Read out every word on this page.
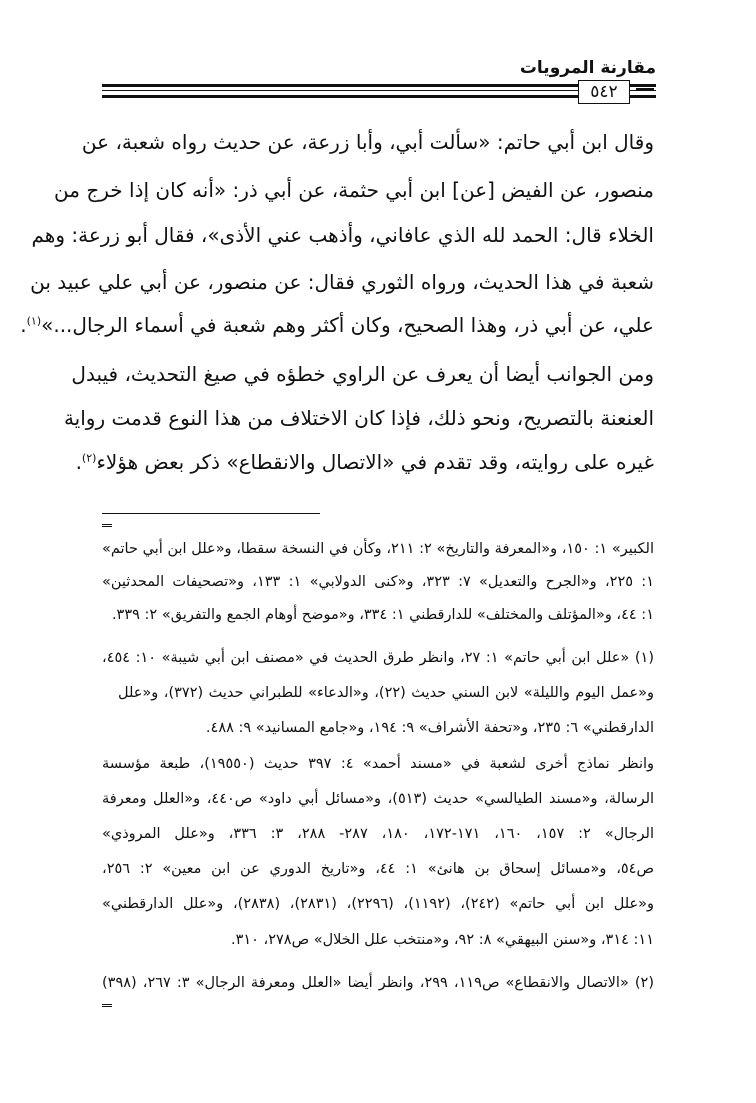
مقارنة المرويات
٥٤٢
وقال ابن أبي حاتم: «سألت أبي، وأبا زرعة، عن حديث رواه شعبة، عن
منصور، عن الفيض [عن] ابن أبي حثمة، عن أبي ذر: «أنه كان إذا خرج من
الخلاء قال: الحمد لله الذي عافاني، وأذهب عني الأذى»، فقال أبو زرعة: وهم
شعبة في هذا الحديث، ورواه الثوري فقال: عن منصور، عن أبي علي عبيد بن
علي، عن أبي ذر، وهذا الصحيح، وكان أكثر وهم شعبة في أسماء الرجال...»$^{(١)}$.
ومن الجوانب أيضا أن يعرف عن الراوي خطؤه في صيغ التحديث، فيبدل
العنعنة بالتصريح، ونحو ذلك، فإذا كان الاختلاف من هذا النوع قدمت رواية
غيره على روايته، وقد تقدم في «الاتصال والانقطاع» ذكر بعض هؤلاء$^{(٢)}$.
الكبير» ١: ١٥٠، و«المعرفة والتاريخ» ٢: ٢١١، وكأن في النسخة سقطا، و«علل ابن أبي حاتم»
١: ٢٢٥، و«الجرح والتعديل» ٧: ٣٢٣، و«كنى الدولابي» ١: ١٣٣، و«تصحيفات المحدثين»
١: ٤٤، و«المؤتلف والمختلف» للدارقطني ١: ٣٣٤، و«موضح أوهام الجمع والتفريق» ٢: ٣٣٩.
(١) «علل ابن أبي حاتم» ١: ٢٧، وانظر طرق الحديث في «مصنف ابن أبي شيبة» ١٠: ٤٥٤،
و«عمل اليوم والليلة» لابن السني حديث (٢٢)، و«الدعاء» للطبراني حديث (٣٧٢)، و«علل
الدارقطني» ٦: ٢٣٥، و«تحفة الأشراف» ٩: ١٩٤، و«جامع المسانيد» ٩: ٤٨٨.
وانظر نماذج أخرى لشعبة في «مسند أحمد» ٤: ٣٩٧ حديث (١٩٥٥٠)، طبعة مؤسسة
الرسالة، و«مسند الطيالسي» حديث (٥١٣)، و«مسائل أبي داود» ص٤٤٠، و«العلل ومعرفة
الرجال» ٢: ١٥٧، ١٦٠، ١٧١-١٧٢، ١٨٠، ٢٨٧- ٢٨٨، ٣: ٣٣٦، و«علل المروذي»
ص٥٤، و«مسائل إسحاق بن هانئ» ١: ٤٤، و«تاريخ الدوري عن ابن معين» ٢: ٢٥٦،
و«علل ابن أبي حاتم» (٢٤٢)، (١١٩٢)، (٢٢٩٦)، (٢٨٣١)، (٢٨٣٨)، و«علل الدارقطني»
١١: ٣١٤، و«سنن البيهقي» ٨: ٩٢، و«منتخب علل الخلال» ص٢٧٨، ٣١٠.
(٢) «الاتصال والانقطاع» ص١١٩، ٢٩٩، وانظر أيضا «العلل ومعرفة الرجال» ٣: ٢٦٧، (٣٩٨)
